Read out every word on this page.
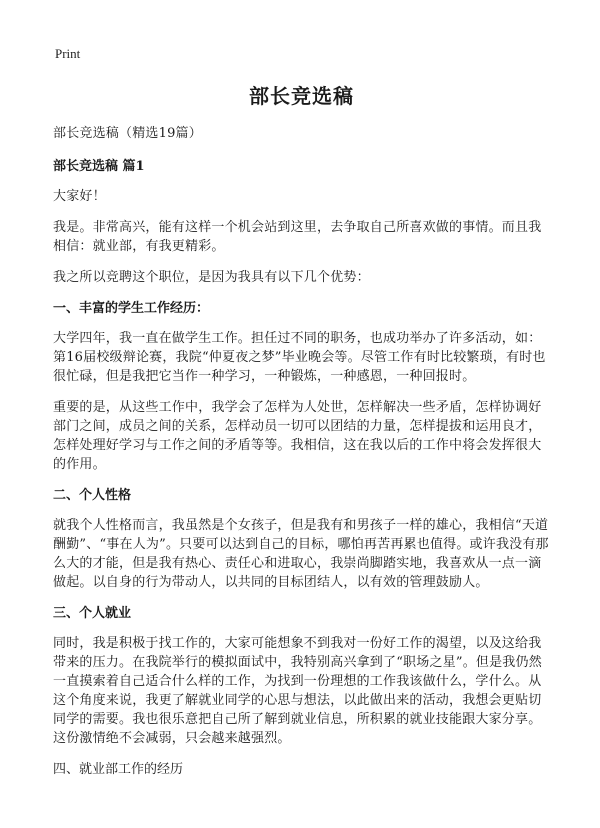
Print
部长竞选稿

部长竞选稿（精选19篇）

部长竞选稿 篇1

大家好！

我是。非常高兴，能有这样一个机会站到这里，去争取自己所喜欢做的事情。而且我相信：就业部，有我更精彩。

我之所以竞聘这个职位，是因为我具有以下几个优势：

一、丰富的学生工作经历：

大学四年，我一直在做学生工作。担任过不同的职务，也成功举办了许多活动，如：第16届校级辩论赛，我院“仲夏夜之梦”毕业晚会等。尽管工作有时比较繁琐，有时也很忙碌，但是我把它当作一种学习，一种锻炼，一种感恩，一种回报时。

重要的是，从这些工作中，我学会了怎样为人处世，怎样解决一些矛盾，怎样协调好部门之间，成员之间的关系，怎样动员一切可以团结的力量，怎样提拔和运用良才，怎样处理好学习与工作之间的矛盾等等。我相信，这在我以后的工作中将会发挥很大的作用。

二、个人性格

就我个人性格而言，我虽然是个女孩子，但是我有和男孩子一样的雄心，我相信“天道酬勤”、“事在人为”。只要可以达到自己的目标，哪怕再苦再累也值得。或许我没有那么大的才能，但是我有热心、责任心和进取心，我崇尚脚踏实地，我喜欢从一点一滴做起。以自身的行为带动人，以共同的目标团结人，以有效的管理鼓励人。

三、个人就业

同时，我是积极于找工作的，大家可能想象不到我对一份好工作的渴望，以及这给我带来的压力。在我院举行的模拟面试中，我特别高兴拿到了“职场之星”。但是我仍然一直摸索着自己适合什么样的工作，为找到一份理想的工作我该做什么，学什么。从这个角度来说，我更了解就业同学的心思与想法，以此做出来的活动，我想会更贴切同学的需要。我也很乐意把自己所了解到就业信息，所积累的就业技能跟大家分享。这份激情绝不会减弱，只会越来越强烈。

四、就业部工作的经历
